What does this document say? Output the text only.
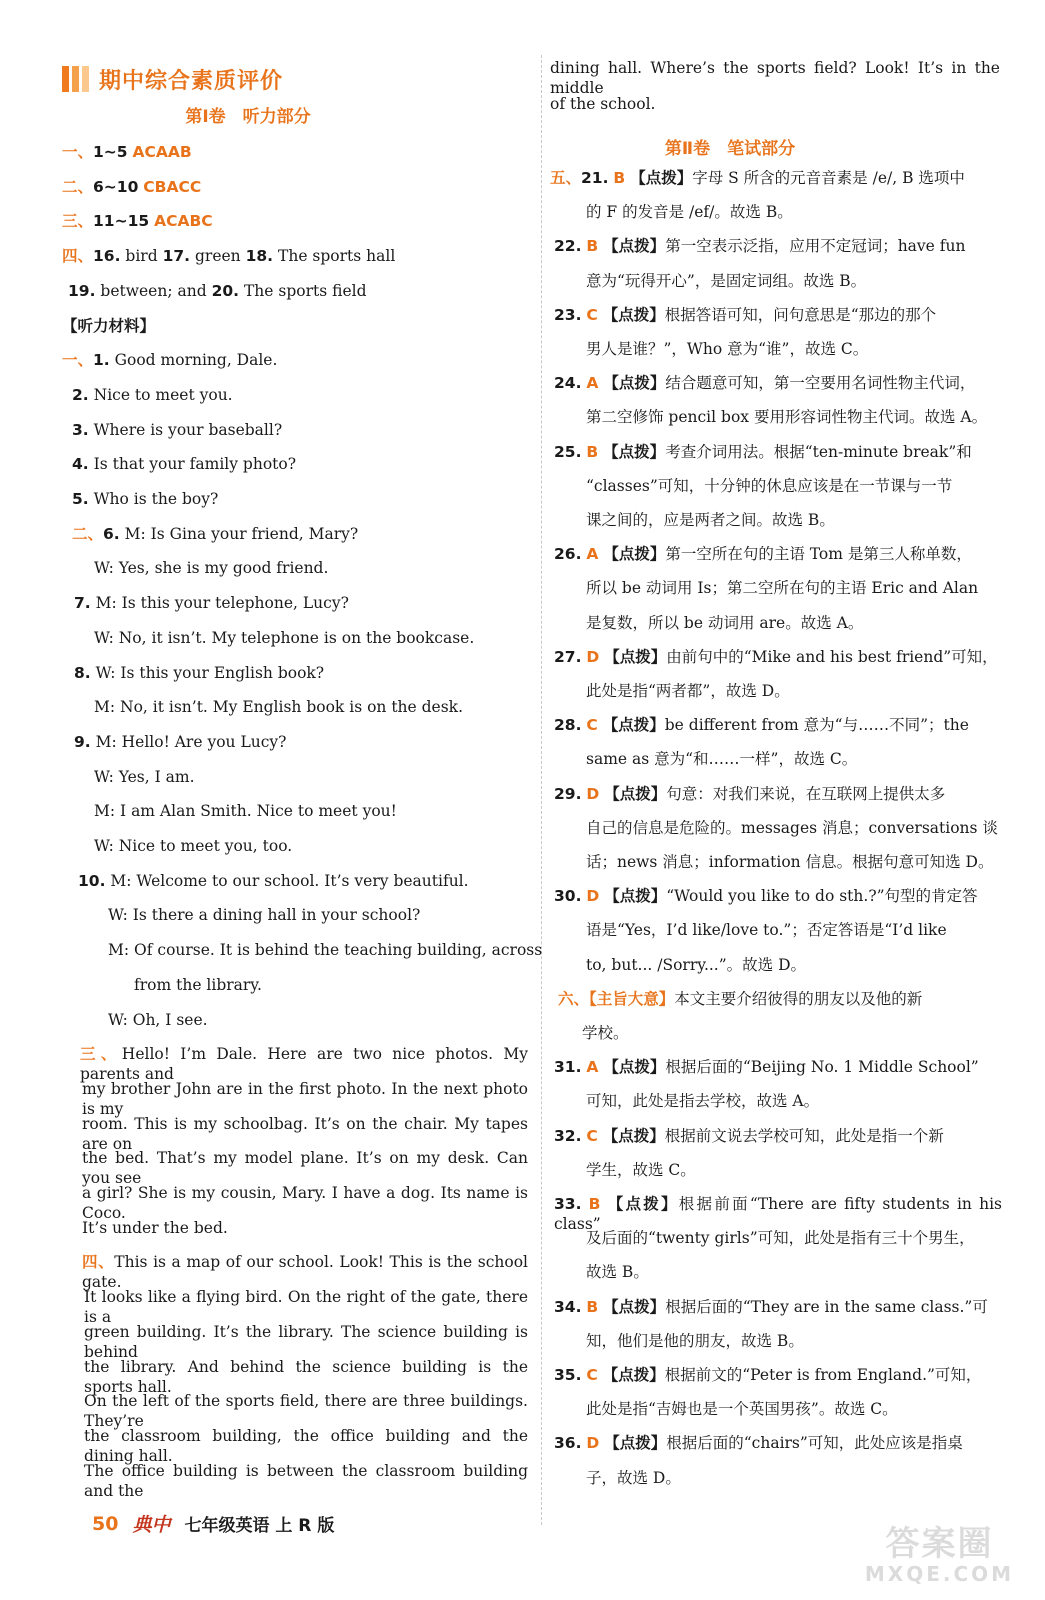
期中综合素质评价
第Ⅰ卷　听力部分
一、1~5 ACAAB
二、6~10 CBACC
三、11~15 ACABC
四、16. bird 17. green 18. The sports hall
19. between; and 20. The sports field
【听力材料】
一、1. Good morning, Dale.
2. Nice to meet you.
3. Where is your baseball?
4. Is that your family photo?
5. Who is the boy?
二、6. M: Is Gina your friend, Mary?
W: Yes, she is my good friend.
7. M: Is this your telephone, Lucy?
W: No, it isn’t. My telephone is on the bookcase.
8. W: Is this your English book?
M: No, it isn’t. My English book is on the desk.
9. M: Hello! Are you Lucy?
W: Yes, I am.
M: I am Alan Smith. Nice to meet you!
W: Nice to meet you, too.
10. M: Welcome to our school. It’s very beautiful.
W: Is there a dining hall in your school?
M: Of course. It is behind the teaching building, across
from the library.
W: Oh, I see.
三、Hello! I’m Dale. Here are two nice photos. My parents and
my brother John are in the first photo. In the next photo is my
room. This is my schoolbag. It’s on the chair. My tapes are on
the bed. That’s my model plane. It’s on my desk. Can you see
a girl? She is my cousin, Mary. I have a dog. Its name is Coco.
It’s under the bed.
四、This is a map of our school. Look! This is the school gate.
It looks like a flying bird. On the right of the gate, there is a
green building. It’s the library. The science building is behind
the library. And behind the science building is the sports hall.
On the left of the sports field, there are three buildings. They’re
the classroom building, the office building and the dining hall.
The office building is between the classroom building and the
dining hall. Where’s the sports field? Look! It’s in the middle
of the school.
第Ⅱ卷　笔试部分
五、21. B 【点拨】字母 S 所含的元音音素是 /e/, B 选项中
的 F 的发音是 /ef/。故选 B。
22. B 【点拨】第一空表示泛指，应用不定冠词；have fun
意为“玩得开心”，是固定词组。故选 B。
23. C 【点拨】根据答语可知，问句意思是“那边的那个
男人是谁？”，Who 意为“谁”，故选 C。
24. A 【点拨】结合题意可知，第一空要用名词性物主代词，
第二空修饰 pencil box 要用形容词性物主代词。故选 A。
25. B 【点拨】考查介词用法。根据“ten-minute break”和
“classes”可知，十分钟的休息应该是在一节课与一节
课之间的，应是两者之间。故选 B。
26. A 【点拨】第一空所在句的主语 Tom 是第三人称单数，
所以 be 动词用 Is；第二空所在句的主语 Eric and Alan
是复数，所以 be 动词用 are。故选 A。
27. D 【点拨】由前句中的“Mike and his best friend”可知，
此处是指“两者都”，故选 D。
28. C 【点拨】be different from 意为“与……不同”；the
same as 意为“和……一样”，故选 C。
29. D 【点拨】句意：对我们来说，在互联网上提供太多
自己的信息是危险的。messages 消息；conversations 谈
话；news 消息；information 信息。根据句意可知选 D。
30. D 【点拨】“Would you like to do sth.?”句型的肯定答
语是“Yes，I’d like/love to.”；否定答语是“I’d like
to, but... /Sorry...”。故选 D。
六、【主旨大意】本文主要介绍彼得的朋友以及他的新
学校。
31. A 【点拨】根据后面的“Beijing No. 1 Middle School”
可知，此处是指去学校，故选 A。
32. C 【点拨】根据前文说去学校可知，此处是指一个新
学生，故选 C。
33. B 【点拨】根据前面“There are fifty students in his class”
及后面的“twenty girls”可知，此处是指有三十个男生，
故选 B。
34. B 【点拨】根据后面的“They are in the same class.”可
知，他们是他的朋友，故选 B。
35. C 【点拨】根据前文的“Peter is from England.”可知，
此处是指“吉姆也是一个英国男孩”。故选 C。
36. D 【点拨】根据后面的“chairs”可知，此处应该是指桌
子，故选 D。
50 典中 七年级英语 上 R 版	答案圈
MXQE.COM
